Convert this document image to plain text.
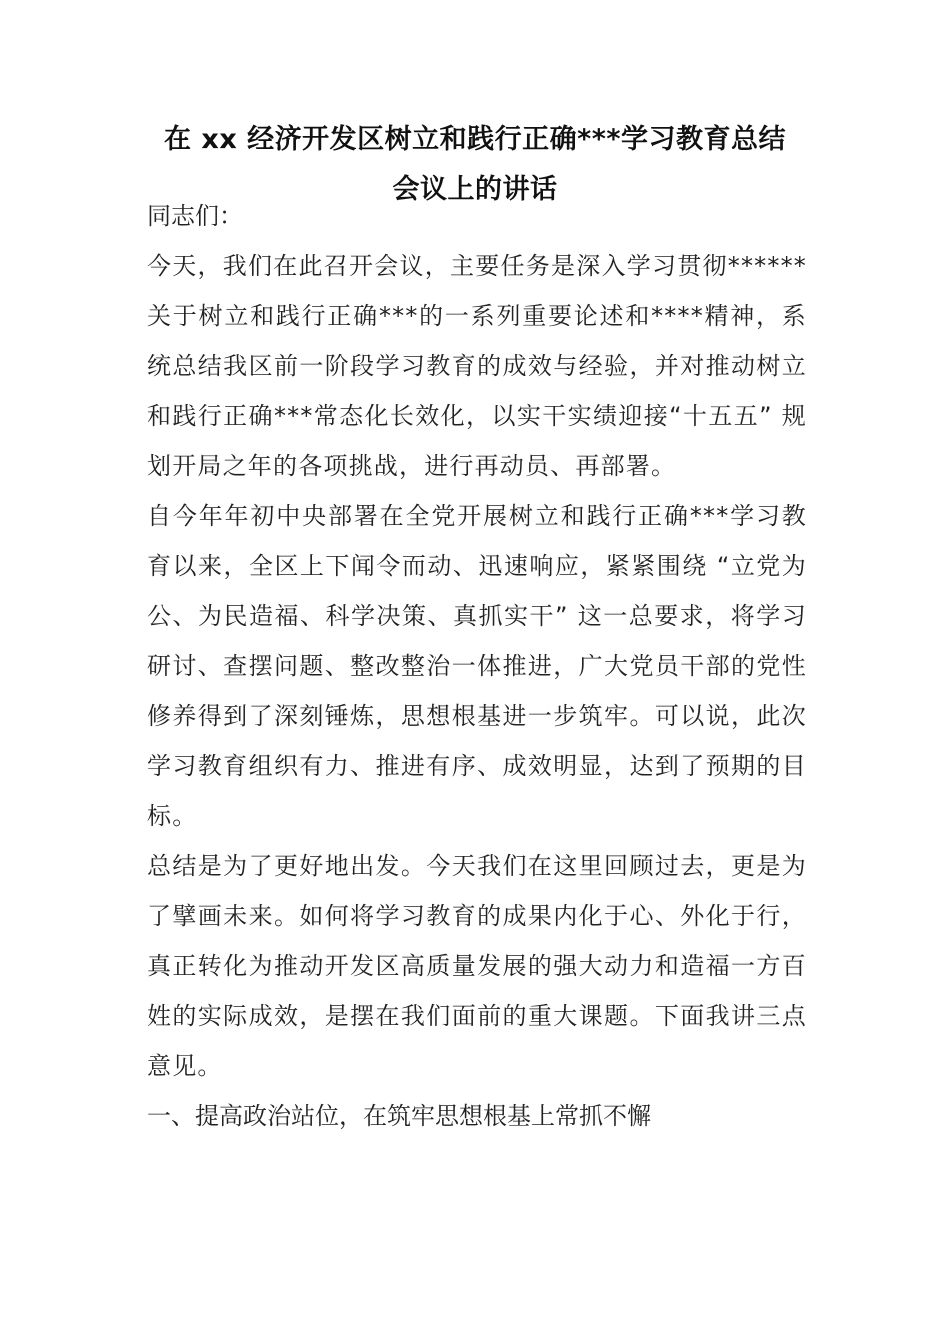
在 xx 经济开发区树立和践行正确***学习教育总结
会议上的讲话

同志们：

今天，我们在此召开会议，主要任务是深入学习贯彻******关于树立和践行正确***的一系列重要论述和****精神，系统总结我区前一阶段学习教育的成效与经验，并对推动树立和践行正确***常态化长效化，以实干实绩迎接“十五五” 规划开局之年的各项挑战，进行再动员、再部署。

自今年年初中央部署在全党开展树立和践行正确***学习教育以来，全区上下闻令而动、迅速响应，紧紧围绕 “立党为公、为民造福、科学决策、真抓实干” 这一总要求，将学习研讨、查摆问题、整改整治一体推进，广大党员干部的党性修养得到了深刻锤炼，思想根基进一步筑牢。可以说，此次学习教育组织有力、推进有序、成效明显，达到了预期的目标。

总结是为了更好地出发。今天我们在这里回顾过去，更是为了擘画未来。如何将学习教育的成果内化于心、外化于行，真正转化为推动开发区高质量发展的强大动力和造福一方百姓的实际成效，是摆在我们面前的重大课题。下面我讲三点意见。

一、提高政治站位，在筑牢思想根基上常抓不懈
